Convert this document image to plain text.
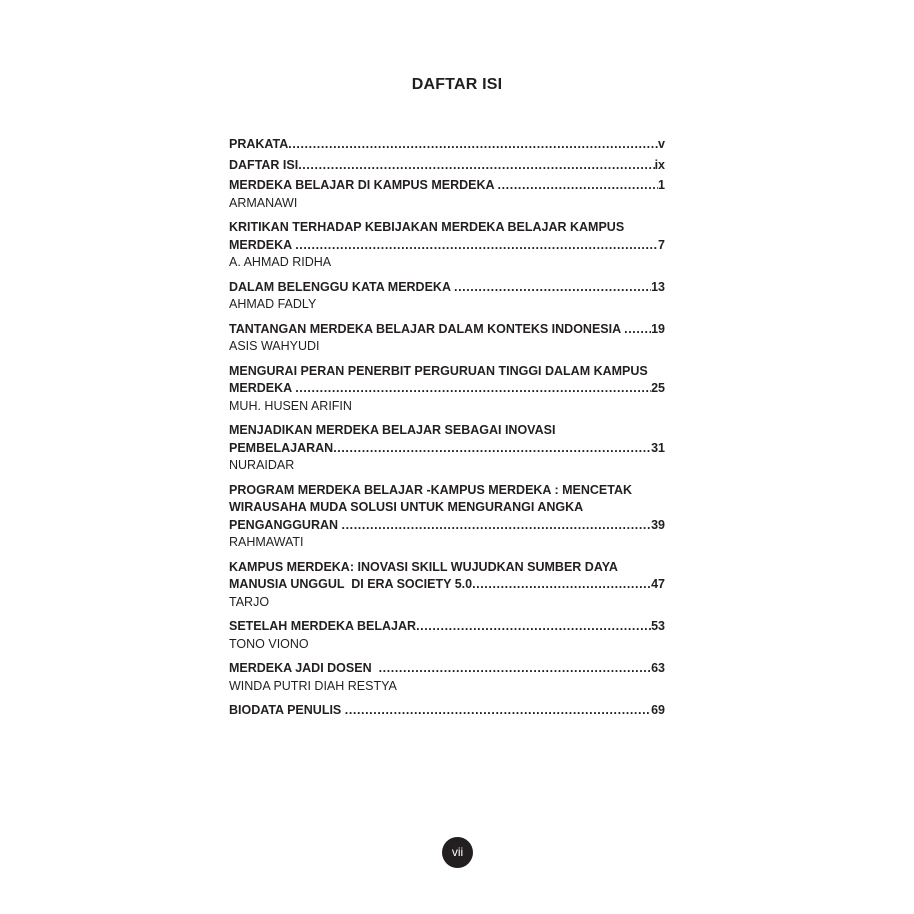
DAFTAR ISI
PRAKATA .....	v
DAFTAR ISI .....	ix
MERDEKA BELAJAR DI KAMPUS MERDEKA .....	1
ARMANAWI
KRITIKAN TERHADAP KEBIJAKAN MERDEKA BELAJAR KAMPUS
MERDEKA .....	7
A. AHMAD RIDHA
DALAM BELENGGU KATA MERDEKA .....	13
AHMAD FADLY
TANTANGAN MERDEKA BELAJAR DALAM KONTEKS INDONESIA ..... 19
ASIS WAHYUDI
MENGURAI PERAN PENERBIT PERGURUAN TINGGI DALAM KAMPUS
MERDEKA .....	25
MUH. HUSEN ARIFIN
MENJADIKAN MERDEKA BELAJAR SEBAGAI INOVASI
PEMBELAJARAN .....	31
NURAIDAR
PROGRAM MERDEKA BELAJAR -KAMPUS MERDEKA : MENCETAK
WIRAUSAHA MUDA SOLUSI UNTUK MENGURANGI ANGKA
PENGANGGURAN .....	39
RAHMAWATI
KAMPUS MERDEKA: INOVASI SKILL WUJUDKAN SUMBER DAYA
MANUSIA UNGGUL  DI ERA SOCIETY 5.0 .....	47
TARJO
SETELAH MERDEKA BELAJAR .....	53
TONO VIONO
MERDEKA JADI DOSEN .....	63
WINDA PUTRI DIAH RESTYA
BIODATA PENULIS .....	69
vii
